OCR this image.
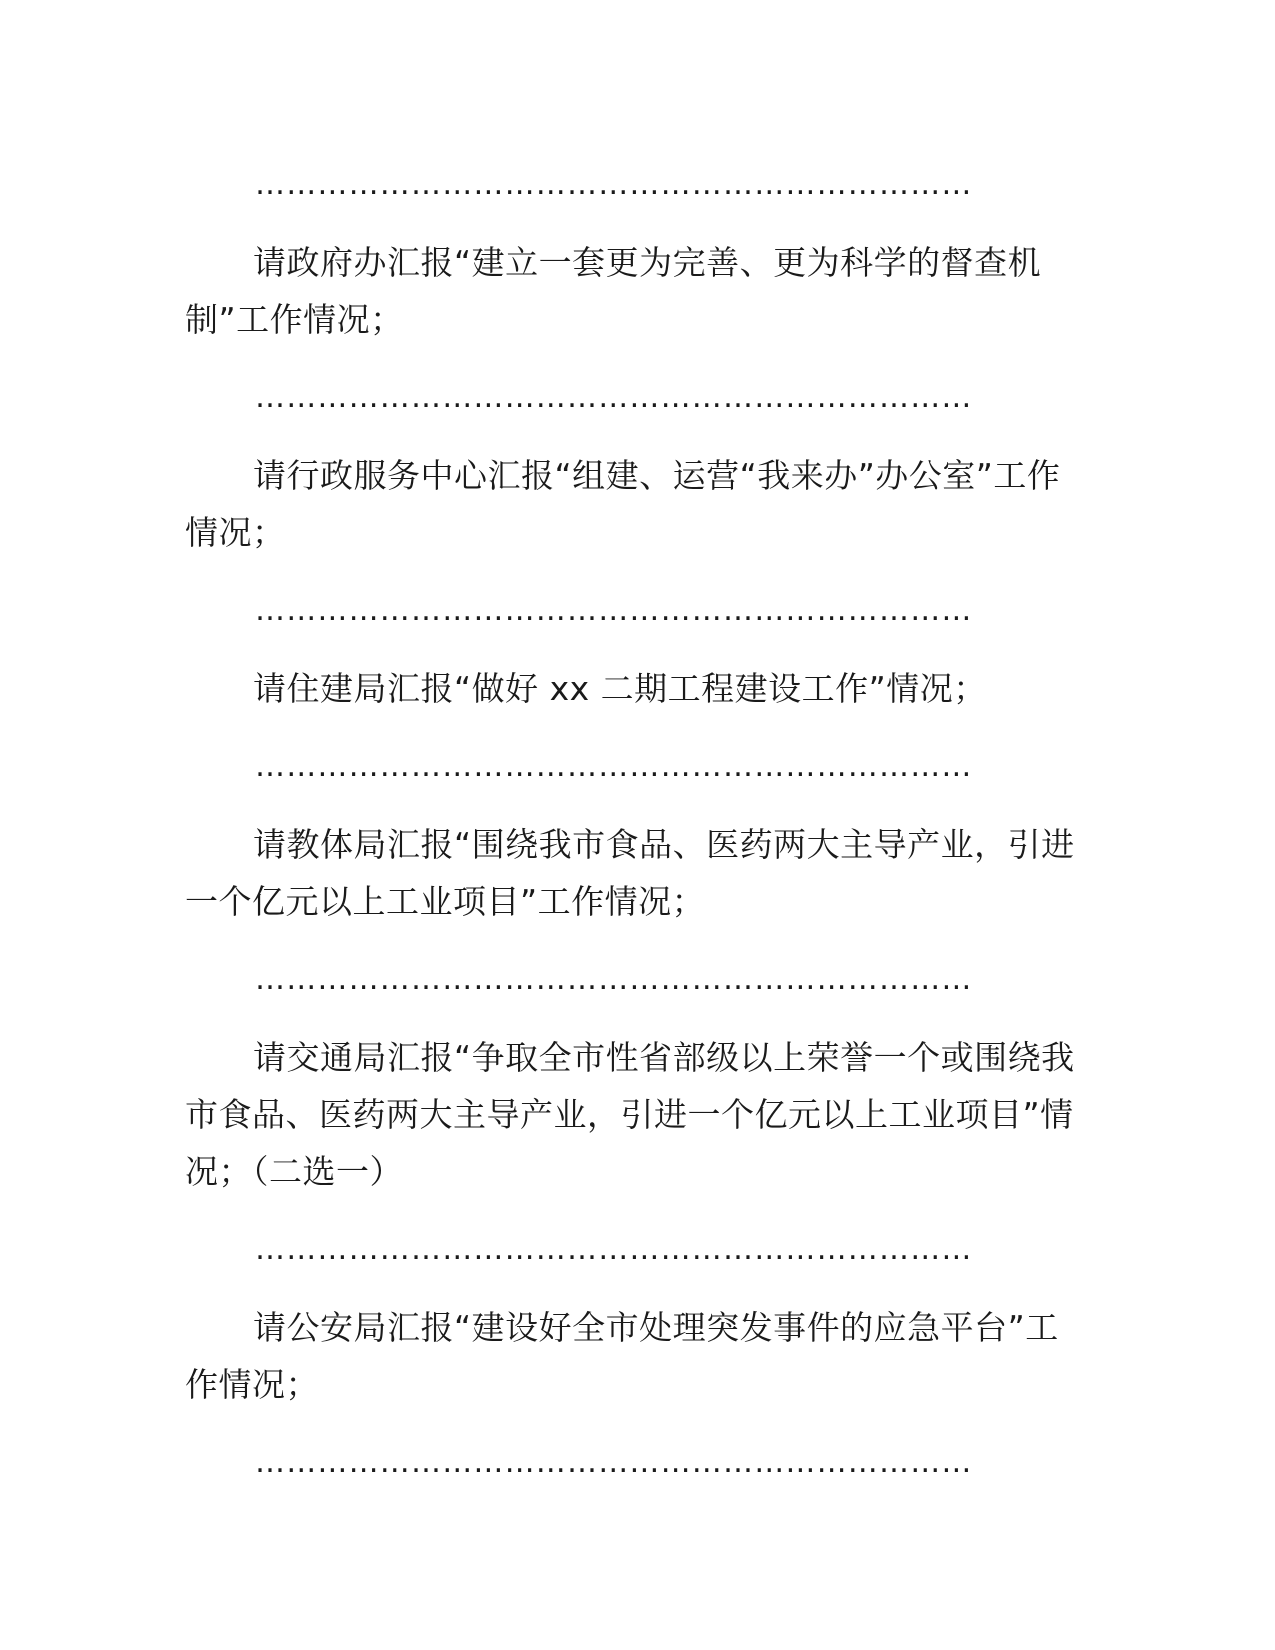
……………………………………………………………

请政府办汇报“建立一套更为完善、更为科学的督查机制”工作情况；

……………………………………………………………

请行政服务中心汇报“组建、运营“我来办”办公室”工作情况；

……………………………………………………………

请住建局汇报“做好 xx 二期工程建设工作”情况；

……………………………………………………………

请教体局汇报“围绕我市食品、医药两大主导产业，引进一个亿元以上工业项目”工作情况；

……………………………………………………………

请交通局汇报“争取全市性省部级以上荣誉一个或围绕我市食品、医药两大主导产业，引进一个亿元以上工业项目”情况；（二选一）

……………………………………………………………

请公安局汇报“建设好全市处理突发事件的应急平台”工作情况；

……………………………………………………………
